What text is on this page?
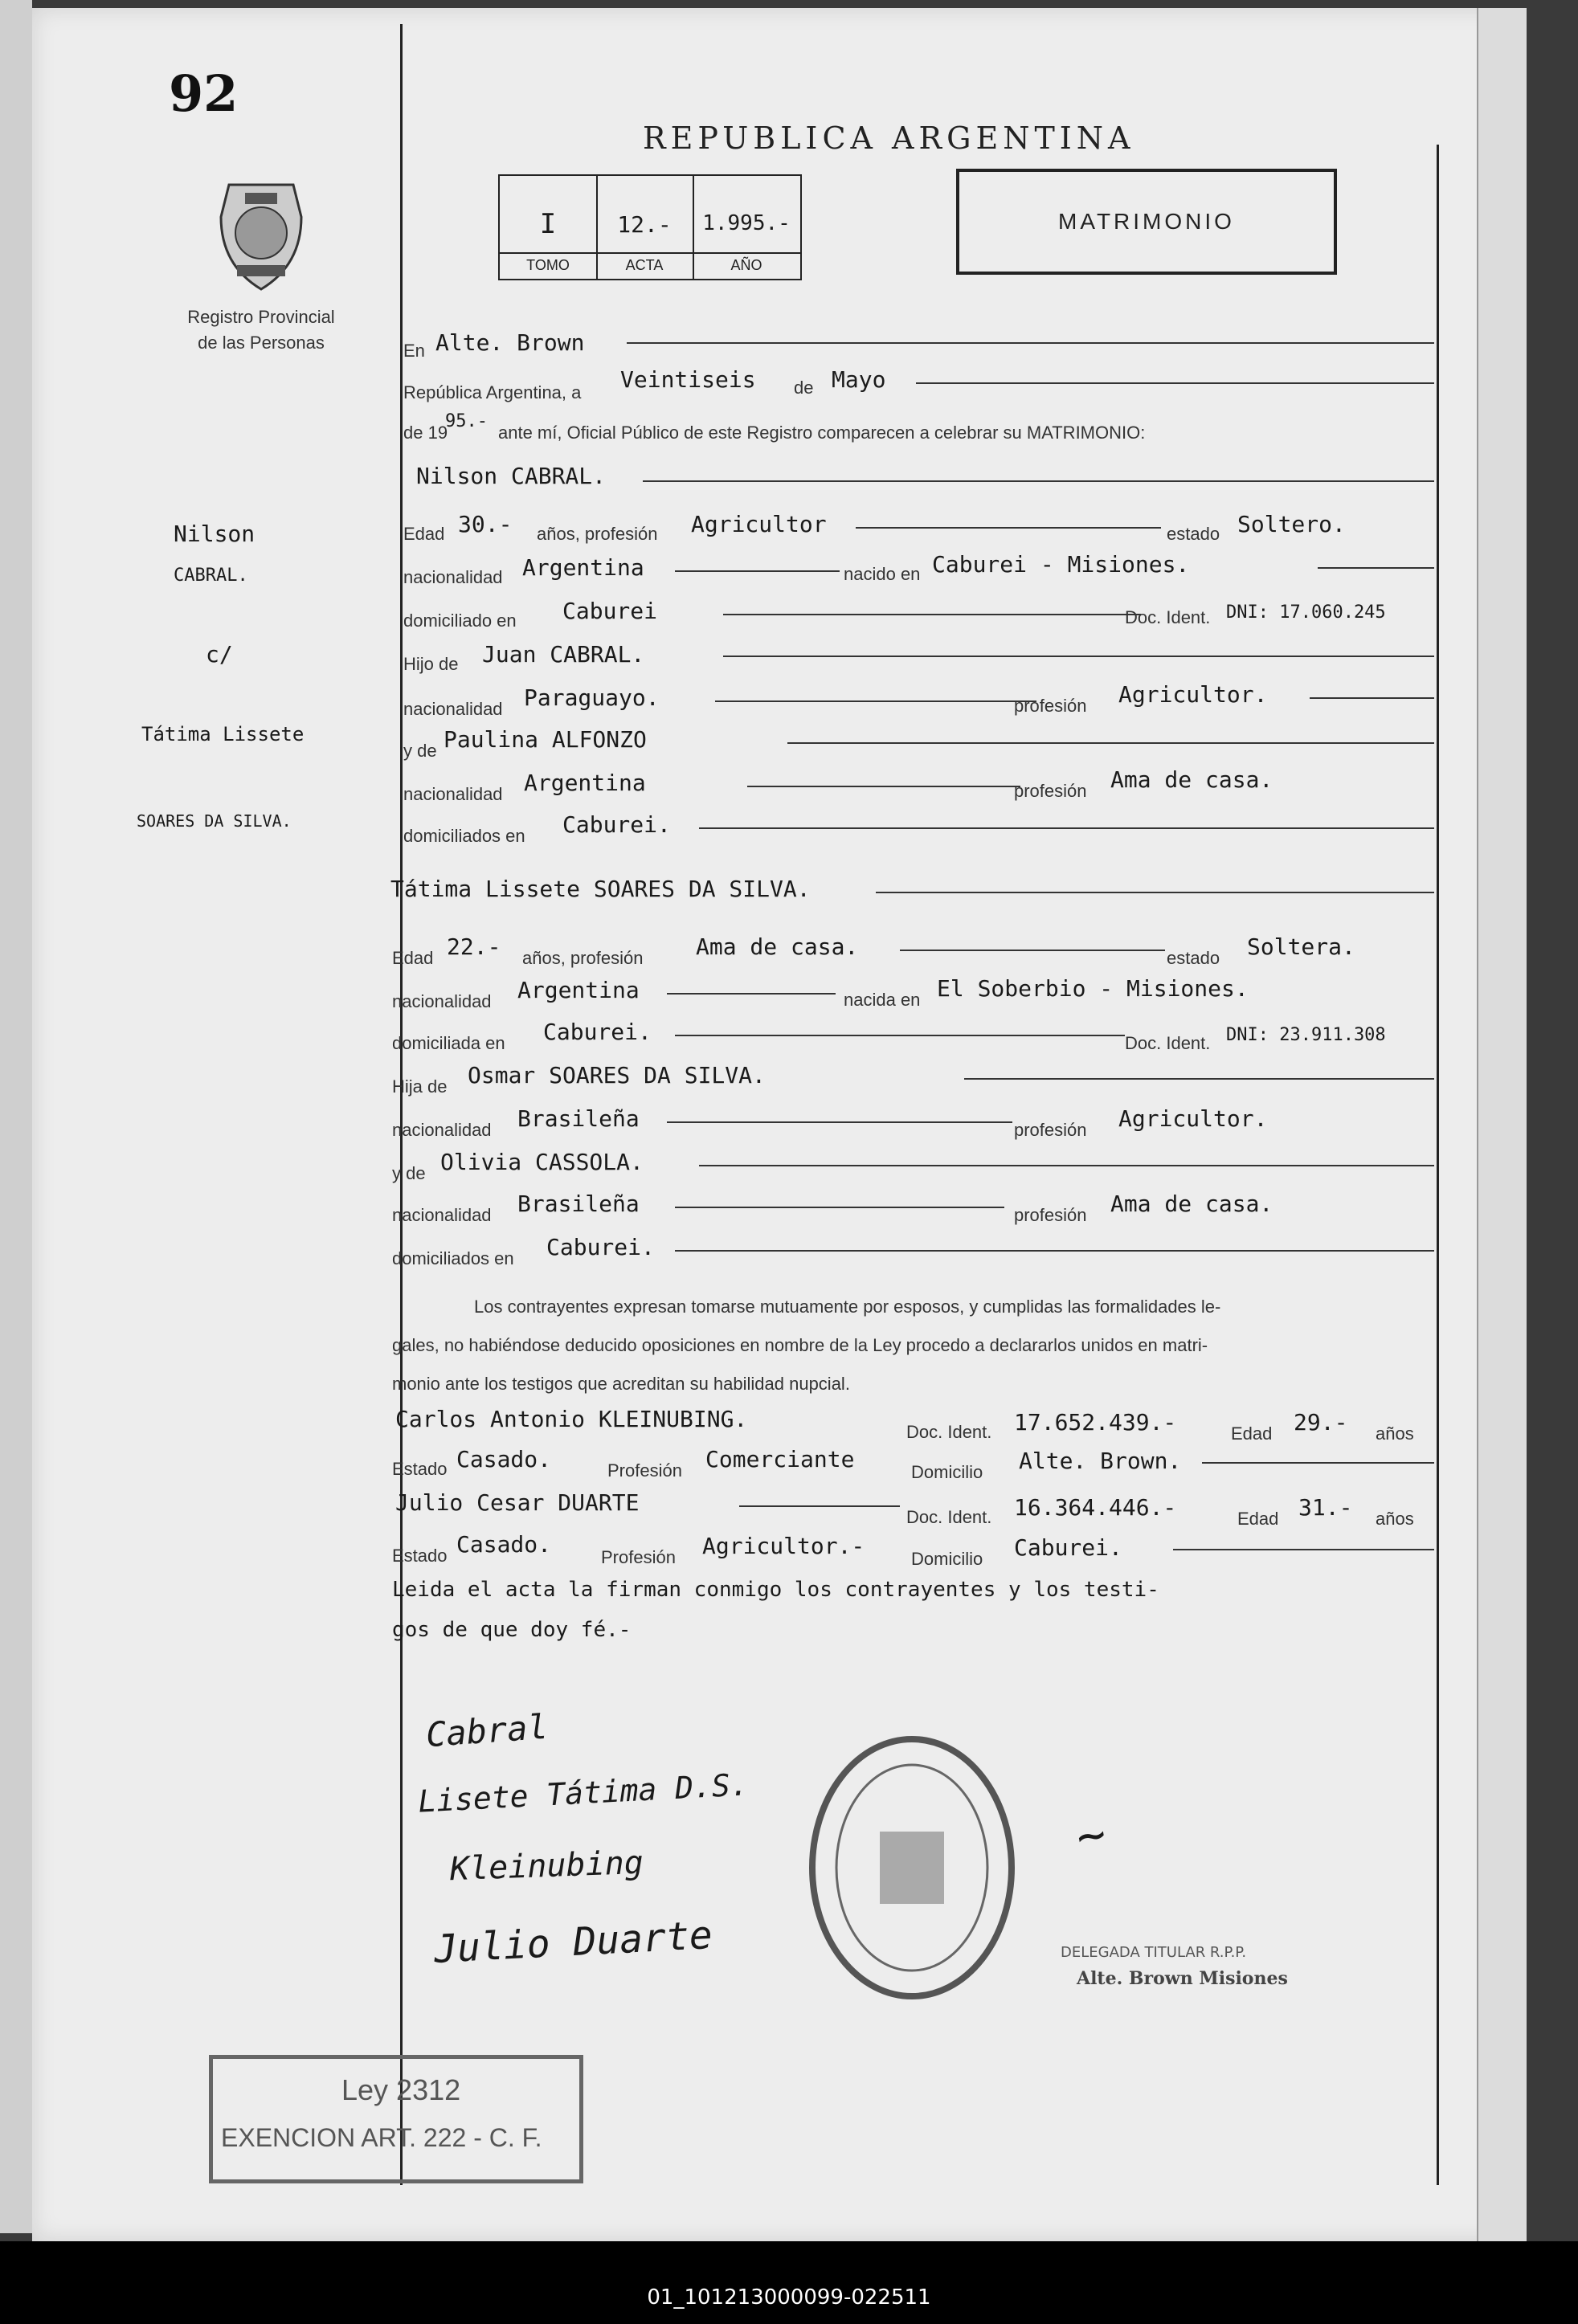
92
Registro Provincial
de las Personas
REPUBLICA ARGENTINA
I	12.-	1.995.-
TOMO	ACTA	AÑO
MATRIMONIO
En Alte. Brown
República Argentina, a Veintiseis de Mayo
de 19
95.-
ante mí, Oficial Público de este Registro comparecen a celebrar su MATRIMONIO:
Nilson CABRAL.
Edad 30.- años, profesión Agricultor	estado Soltero.
nacionalidad Argentina	nacido en Caburei - Misiones.
domiciliado en Caburei	Doc. Ident. DNI: 17.060.245
Hijo de Juan CABRAL.
nacionalidad Paraguayo.	profesión Agricultor.
y de Paulina ALFONZO
nacionalidad Argentina	profesión Ama de casa.
domiciliados en Caburei.
Tátima Lissete SOARES DA SILVA.
Edad 22.- años, profesión Ama de casa.	estado Soltera.
nacionalidad Argentina	nacida en El Soberbio - Misiones.
domiciliada en Caburei.	Doc. Ident. DNI: 23.911.308
Hija de Osmar SOARES DA SILVA.
nacionalidad Brasileña	profesión Agricultor.
y de Olivia CASSOLA.
nacionalidad Brasileña	profesión Ama de casa.
domiciliados en Caburei.
Los contrayentes expresan tomarse mutuamente por esposos, y cumplidas las formalidades le-
gales, no habiéndose deducido oposiciones en nombre de la Ley procedo a declararlos unidos en matri-
monio ante los testigos que acreditan su habilidad nupcial.
Carlos Antonio KLEINUBING.	Doc. Ident. 17.652.439.-	Edad 29.- años
Estado Casado.	Profesión Comerciante	Domicilio Alte. Brown.
Julio Cesar DUARTE
Doc. Ident. 16.364.446.-	Edad 31.- años
Estado Casado.	Profesión Agricultor.-	Domicilio Caburei.
Leida el acta la firman conmigo los contrayentes y los testi-
gos de que doy fé.-
Nilson
CABRAL.
c/
Tátima Lissete
SOARES DA SILVA.
Cabral
Lisete Tátima D.S.
Kleinubing
Julio Duarte
~
DELEGADA TITULAR R.P.P.
Alte. Brown Misiones
Ley 2312
EXENCION ART. 222 - C. F.
01_101213000099-022511
